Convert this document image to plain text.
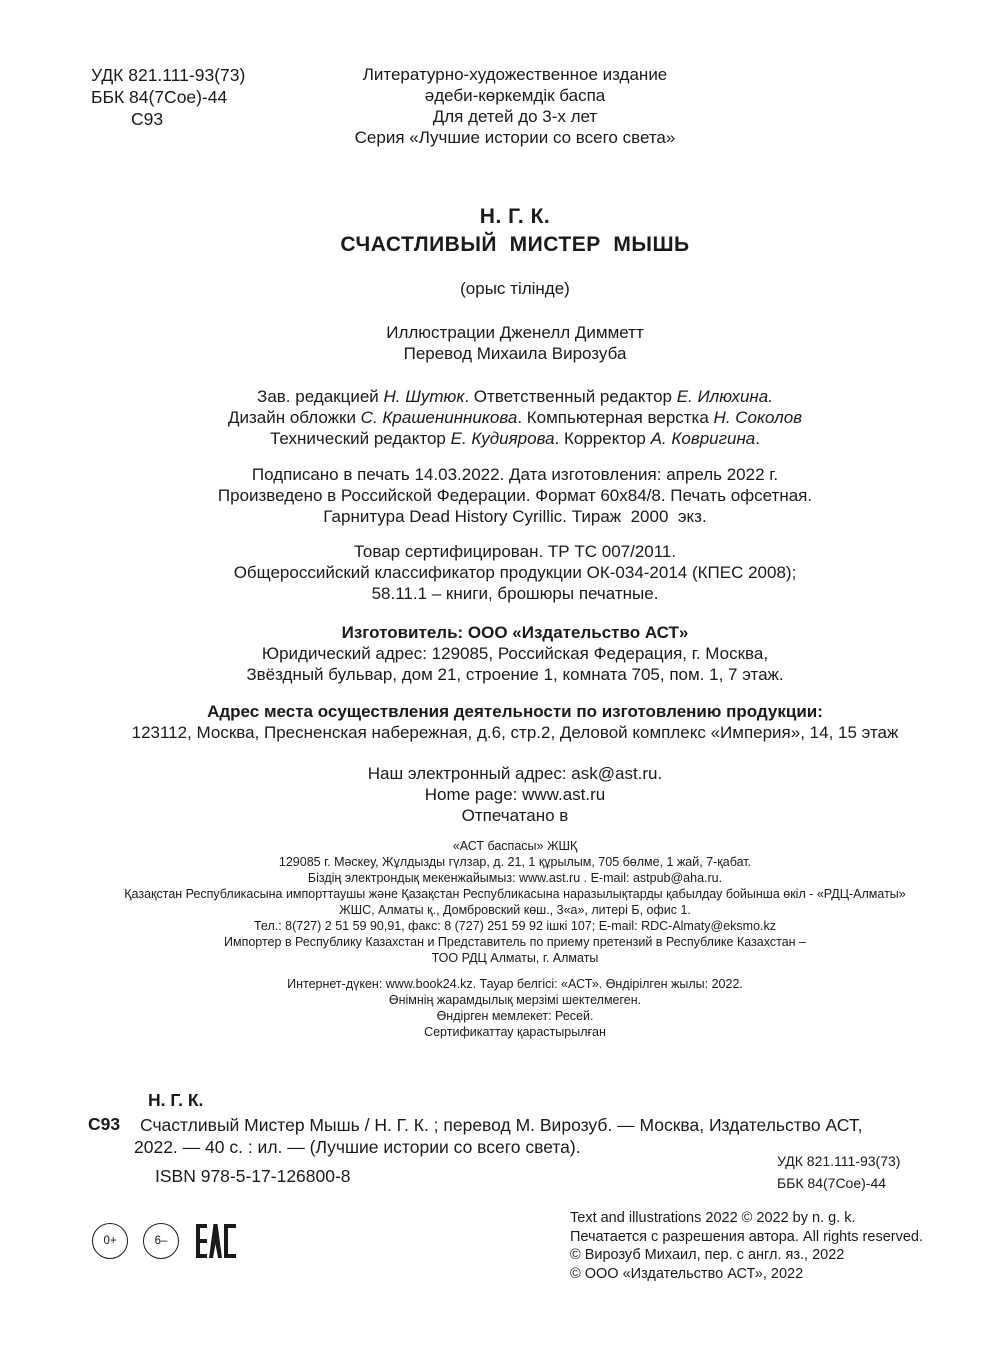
УДК 821.111-93(73)
ББК 84(7Сое)-44
С93
Литературно-художественное издание
әдеби-көркемдік баспа
Для детей до 3-х лет
Серия «Лучшие истории со всего света»
Н. Г. К.
СЧАСТЛИВЫЙ  МИСТЕР  МЫШЬ
(орыс тілінде)
Иллюстрации Дженелл Димметт
Перевод Михаила Вирозуба
Зав. редакцией Н. Шутюк. Ответственный редактор Е. Илюхина.
Дизайн обложки С. Крашенинникова. Компьютерная верстка Н. Соколов
Технический редактор Е. Кудиярова. Корректор А. Ковригина.
Подписано в печать 14.03.2022. Дата изготовления: апрель 2022 г.
Произведено в Российской Федерации. Формат 60x84/8. Печать офсетная.
Гарнитура Dead History Cyrillic. Тираж  2000  экз.
Товар сертифицирован. ТР ТС 007/2011.
Общероссийский классификатор продукции ОК-034-2014 (КПЕС 2008);
58.11.1 – книги, брошюры печатные.
Изготовитель: ООО «Издательство АСТ»
Юридический адрес: 129085, Российская Федерация, г. Москва,
Звёздный бульвар, дом 21, строение 1, комната 705, пом. 1, 7 этаж.
Адрес места осуществления деятельности по изготовлению продукции:
123112, Москва, Пресненская набережная, д.6, стр.2, Деловой комплекс «Империя», 14, 15 этаж
Наш электронный адрес: ask@ast.ru.
Home page: www.ast.ru
Отпечатано в
«АСТ баспасы» ЖШҚ
129085 г. Мәскеу, Жұлдызды гүлзар, д. 21, 1 құрылым, 705 бөлме, 1 жай, 7-қабат.
Біздің электрондық мекенжайымыз: www.ast.ru . E-mail: astpub@aha.ru.
Қазақстан Республикасына импорттаушы және Қазақстан Республикасына наразылықтарды қабылдау бойынша өкіл - «РДЦ-Алматы»
ЖШС, Алматы қ., Домбровский көш., 3«а», литері Б, офис 1.
Тел.: 8(727) 2 51 59 90,91, факс: 8 (727) 251 59 92 ішкі 107; E-mail: RDC-Almaty@eksmo.kz
Импортер в Республику Казахстан и Представитель по приему претензий в Республике Казахстан –
ТОО РДЦ Алматы, г. Алматы
Интернет-дүкен: www.book24.kz. Тауар белгісі: «АСТ». Өндірілген жылы: 2022.
Өнімнің жарамдылық мерзімі шектелмеген.
Өндірген мемлекет: Ресей.
Сертификаттау қарастырылған
Н. Г. К.
С93	Счастливый Мистер Мышь / Н. Г. К. ; перевод М. Вирозуб. — Москва, Издательство АСТ,
2022. — 40 с. : ил. — (Лучшие истории со всего света).
УДК 821.111-93(73)
ББК 84(7Сое)-44
ISBN 978-5-17-126800-8
0+	6–
Text and illustrations 2022 © 2022 by n. g. k.
Печатается с разрешения автора. All rights reserved.
© Вирозуб Михаил, пер. с англ. яз., 2022
© ООО «Издательство АСТ», 2022
